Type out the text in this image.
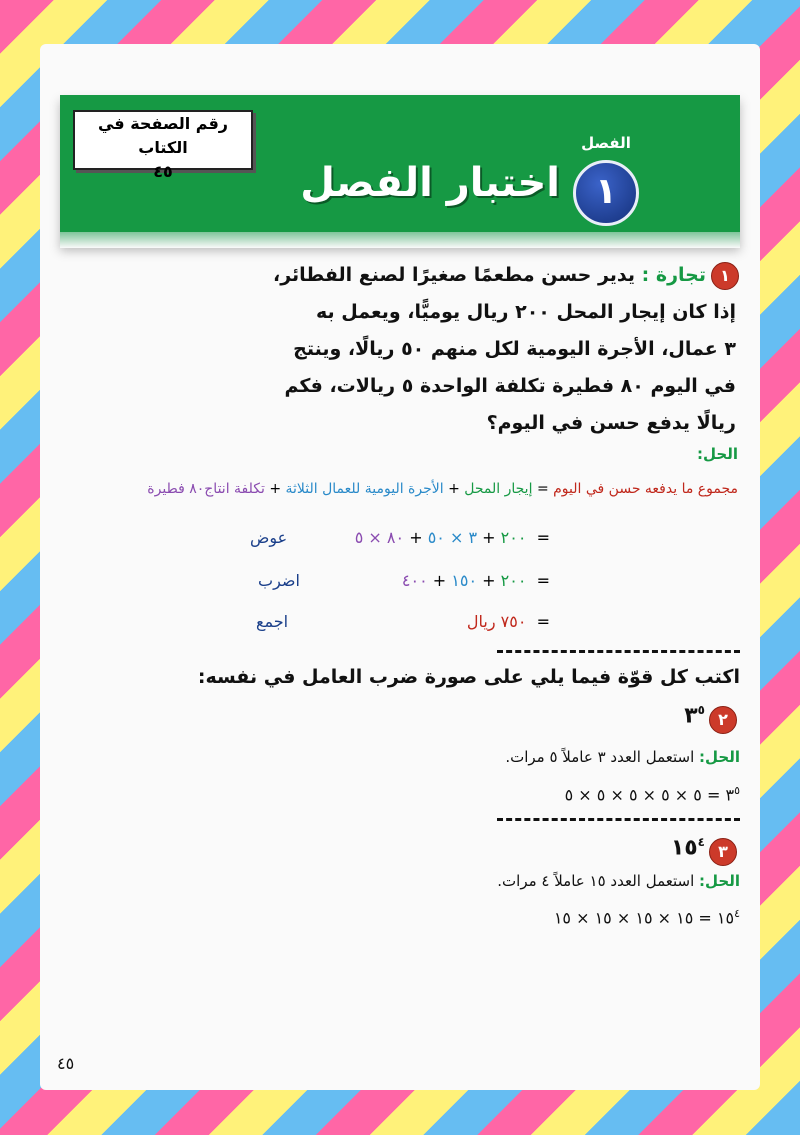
رقم الصفحة في الكتاب
٤٥
الفصل
١
اختبار الفصل
١
تجارة : يدير حسن مطعمًا صغيرًا لصنع الفطائر،
إذا كان إيجار المحل ٢٠٠ ريال يوميًّا، ويعمل به
٣ عمال، الأجرة اليومية لكل منهم ٥٠ ريالًا، وينتج
في اليوم ٨٠ فطيرة تكلفة الواحدة ٥ ريالات، فكم
ريالًا يدفع حسن في اليوم؟
الحل:
مجموع ما يدفعه حسن في اليوم = إيجار المحل + الأجرة اليومية للعمال الثلاثة + تكلفة انتاج٨٠ فطيرة
=  ٢٠٠ + ٣ × ٥٠ + ٨٠ × ٥
عوض
=  ٢٠٠ + ١٥٠ + ٤٠٠
اضرب
=  ٧٥٠ ريال
اجمع
اكتب كل قوّة فيما يلي على صورة ضرب العامل في نفسه:
٢
$٣^٥$
الحل: استعمل العدد ٣ عاملاً ٥ مرات.
$٣^٥$ = ٥ × ٥ × ٥ × ٥ × ٥
٣
$١٥^٤$
الحل: استعمل العدد ١٥ عاملاً ٤ مرات.
$١٥^٤$ = ١٥ × ١٥ × ١٥ × ١٥
٤٥
